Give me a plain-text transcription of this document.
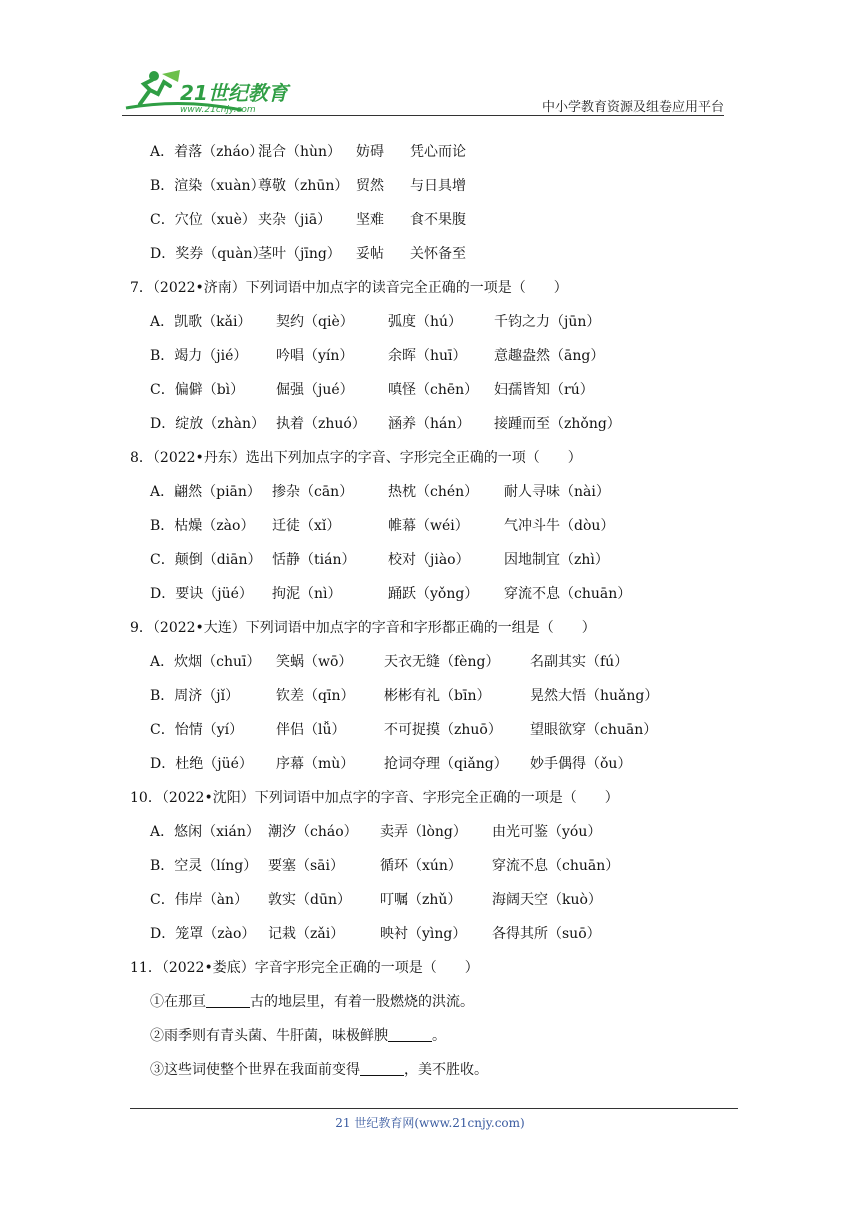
21世纪教育
www.21cnjy.com	中小学教育资源及组卷应用平台
A．着落（zháo）混合（hùn） 妨碍 凭心而论
B．渲染（xuàn）尊敬（zhūn） 贸然 与日具增
C．穴位（xuè） 夹杂（jiā） 坚难 食不果腹
D．奖券（quàn）茎叶（jīng） 妥帖 关怀备至
7．（2022•济南）下列词语中加点字的读音完全正确的一项是（　　）
A．凯歌（kǎi） 契约（qiè） 弧度（hú） 千钧之力（jūn）
B．竭力（jié） 吟唱（yín） 余晖（huī） 意趣盎然（āng）
C．偏僻（bì） 倔强（jué） 嗔怪（chēn） 妇孺皆知（rú）
D．绽放（zhàn） 执着（zhuó） 涵养（hán） 接踵而至（zhǒng）
8．（2022•丹东）选出下列加点字的字音、字形完全正确的一项（　　）
A．翩然（piān） 掺杂（cān） 热枕（chén） 耐人寻味（nài）
B．枯燥（zào） 迁徒（xǐ）	帷幕（wéi）	气冲斗牛（dòu）
C．颠倒（diān） 恬静（tián） 校对（jiào） 因地制宜（zhì）
D．要诀（jüé） 拘泥（nì）	踊跃（yǒng） 穿流不息（chuān）
9．（2022•大连）下列词语中加点字的字音和字形都正确的一组是（　　）
A．炊烟（chuī） 笑蜗（wō） 天衣无缝（fèng） 名副其实（fú）
B．周济（jǐ）	钦差（qīn） 彬彬有礼（bīn）	晃然大悟（huǎng）
C．怡情（yí） 伴侣（lǚ）	不可捉摸（zhuō） 望眼欲穿（chuān）
D．杜绝（jüé） 序幕（mù） 抢词夺理（qiǎng） 妙手偶得（ǒu）
10．（2022•沈阳）下列词语中加点字的字音、字形完全正确的一项是（　　）
A．悠闲（xián） 潮汐（cháo） 卖弄（lòng） 由光可鉴（yóu）
B．空灵（líng） 要塞（sāi）	循环（xún） 穿流不息（chuān）
C．伟岸（àn） 敦实（dūn） 叮嘱（zhǔ） 海阔天空（kuò）
D．笼罩（zào） 记栽（zǎi）	映衬（yìng） 各得其所（suō）
11．（2022•娄底）字音字形完全正确的一项是（　　）
①在那亘	古的地层里，有着一股燃烧的洪流。
②雨季则有青头菌、牛肝菌，味极鲜腴	。
③这些词使整个世界在我面前变得	，美不胜收。
21 世纪教育网(www.21cnjy.com)
